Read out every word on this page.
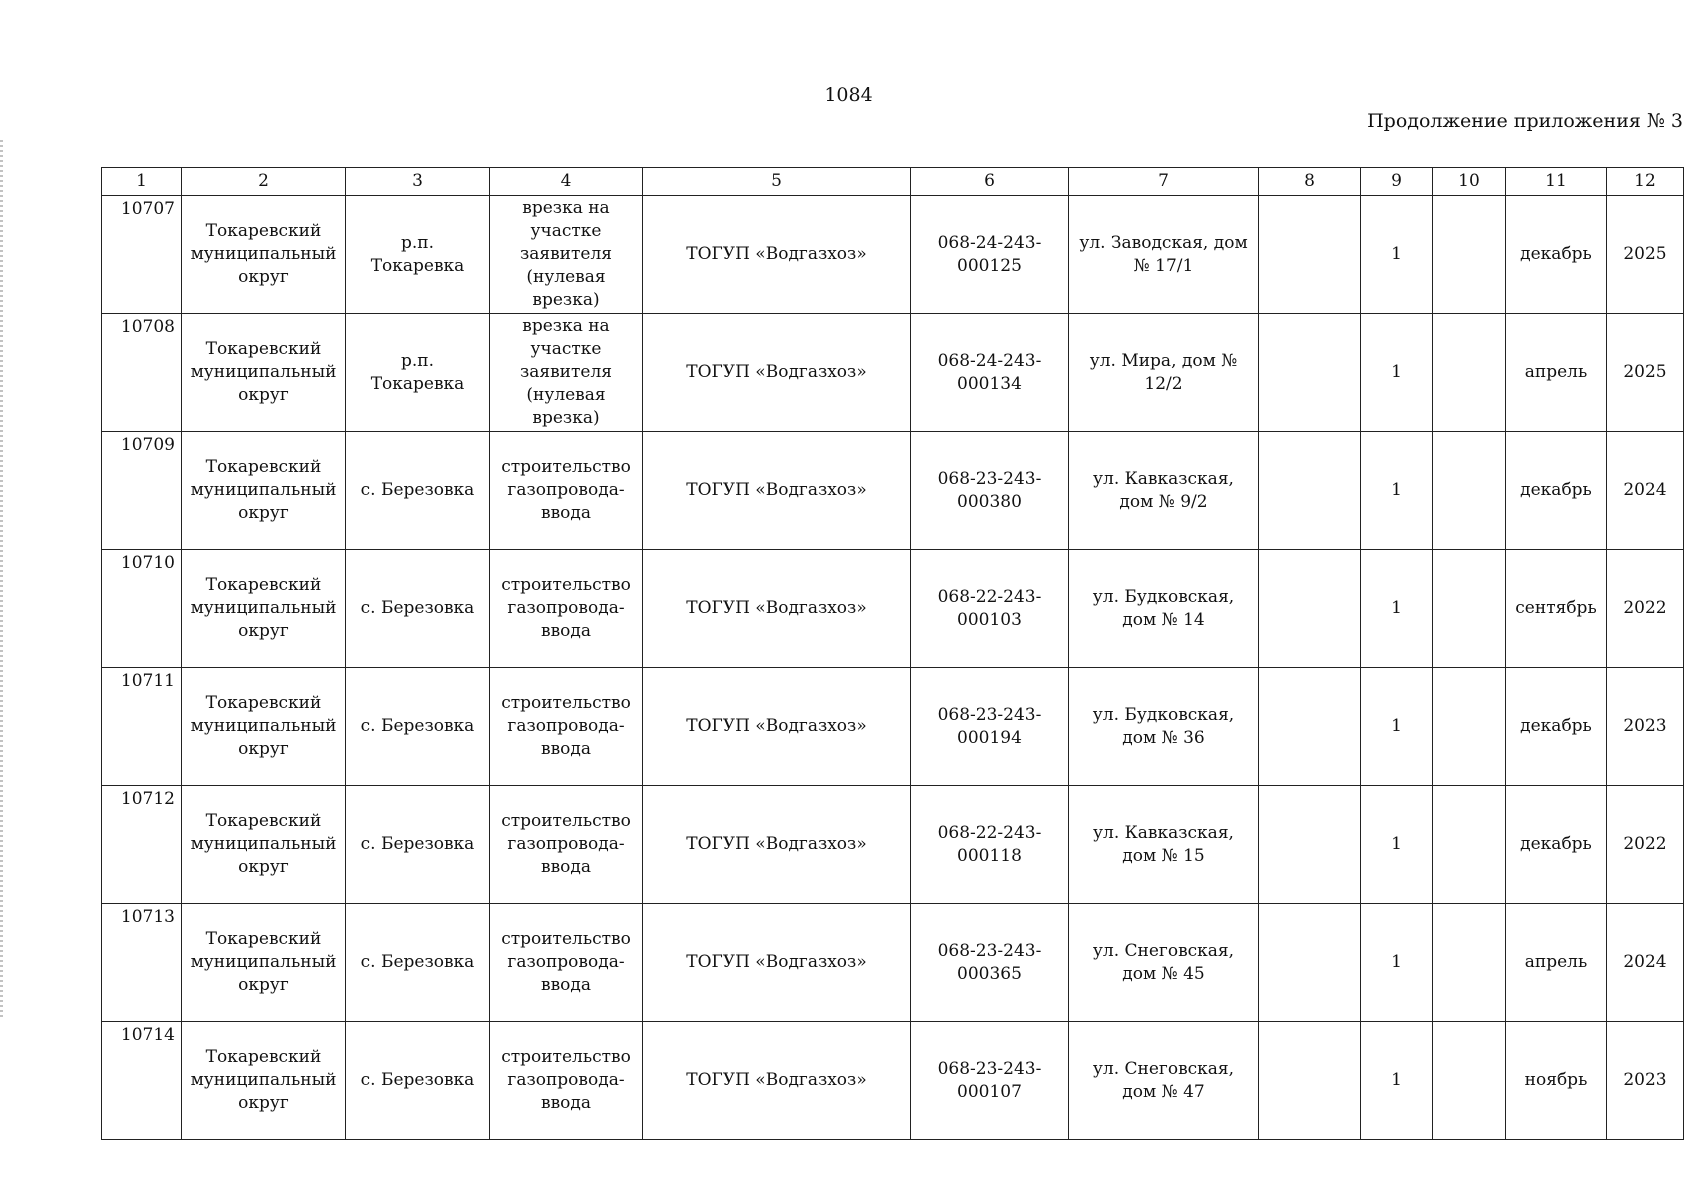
1084
Продолжение приложения № 3
1	2	3	4	5	6	7	8	9	10	11	12
10707	Токаревский
муниципальный
округ	р.п.
Токаревка	врезка на
участке
заявителя
(нулевая
врезка)	ТОГУП «Водгазхоз»	068-24-243-
000125	ул. Заводская, дом
№ 17/1		1		декабрь	2025
10708	Токаревский
муниципальный
округ	р.п.
Токаревка	врезка на
участке
заявителя
(нулевая
врезка)	ТОГУП «Водгазхоз»	068-24-243-
000134	ул. Мира, дом №
12/2		1		апрель	2025
10709	Токаревский
муниципальный
округ	с. Березовка	строительство
газопровода-
ввода	ТОГУП «Водгазхоз»	068-23-243-
000380	ул. Кавказская,
дом № 9/2		1		декабрь	2024
10710	Токаревский
муниципальный
округ	с. Березовка	строительство
газопровода-
ввода	ТОГУП «Водгазхоз»	068-22-243-
000103	ул. Будковская,
дом № 14		1		сентябрь	2022
10711	Токаревский
муниципальный
округ	с. Березовка	строительство
газопровода-
ввода	ТОГУП «Водгазхоз»	068-23-243-
000194	ул. Будковская,
дом № 36		1		декабрь	2023
10712	Токаревский
муниципальный
округ	с. Березовка	строительство
газопровода-
ввода	ТОГУП «Водгазхоз»	068-22-243-
000118	ул. Кавказская,
дом № 15		1		декабрь	2022
10713	Токаревский
муниципальный
округ	с. Березовка	строительство
газопровода-
ввода	ТОГУП «Водгазхоз»	068-23-243-
000365	ул. Снеговская,
дом № 45		1		апрель	2024
10714	Токаревский
муниципальный
округ	с. Березовка	строительство
газопровода-
ввода	ТОГУП «Водгазхоз»	068-23-243-
000107	ул. Снеговская,
дом № 47		1		ноябрь	2023
